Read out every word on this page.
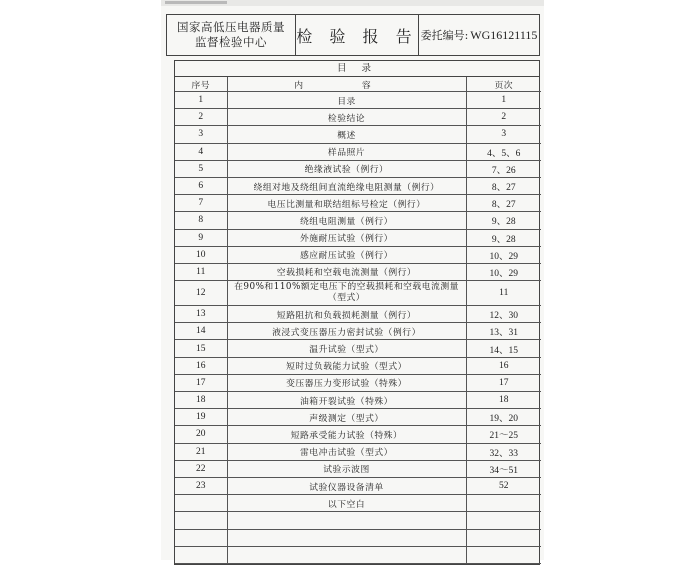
国家高低压电器质量
监督检验中心	检 验 报 告 委托编号: WG16121115
目 录
序号	内 容	页次
1	目录	1
2	检验结论	2
3	概述	3
4	样品照片	4、5、6
5	绝缘液试验（例行）	7、26
6	绕组对地及绕组间直流绝缘电阻测量（例行）	8、27
7	电压比测量和联结组标号检定（例行）	8、27
8	绕组电阻测量（例行）	9、28
9	外施耐压试验（例行）	9、28
10	感应耐压试验（例行）	10、29
11	空载损耗和空载电流测量（例行）	10、29
12	在90%和110%额定电压下的空载损耗和空载电流测量（型式）	11
13	短路阻抗和负载损耗测量（例行）	12、30
14	液浸式变压器压力密封试验（例行）	13、31
15	温升试验（型式）	14、15
16	短时过负载能力试验（型式）	16
17	变压器压力变形试验（特殊）	17
18	油箱开裂试验（特殊）	18
19	声级测定（型式）	19、20
20	短路承受能力试验（特殊）	21～25
21	雷电冲击试验（型式）	32、33
22	试验示波图	34～51
23	试验仪器设备清单	52
	以下空白	
